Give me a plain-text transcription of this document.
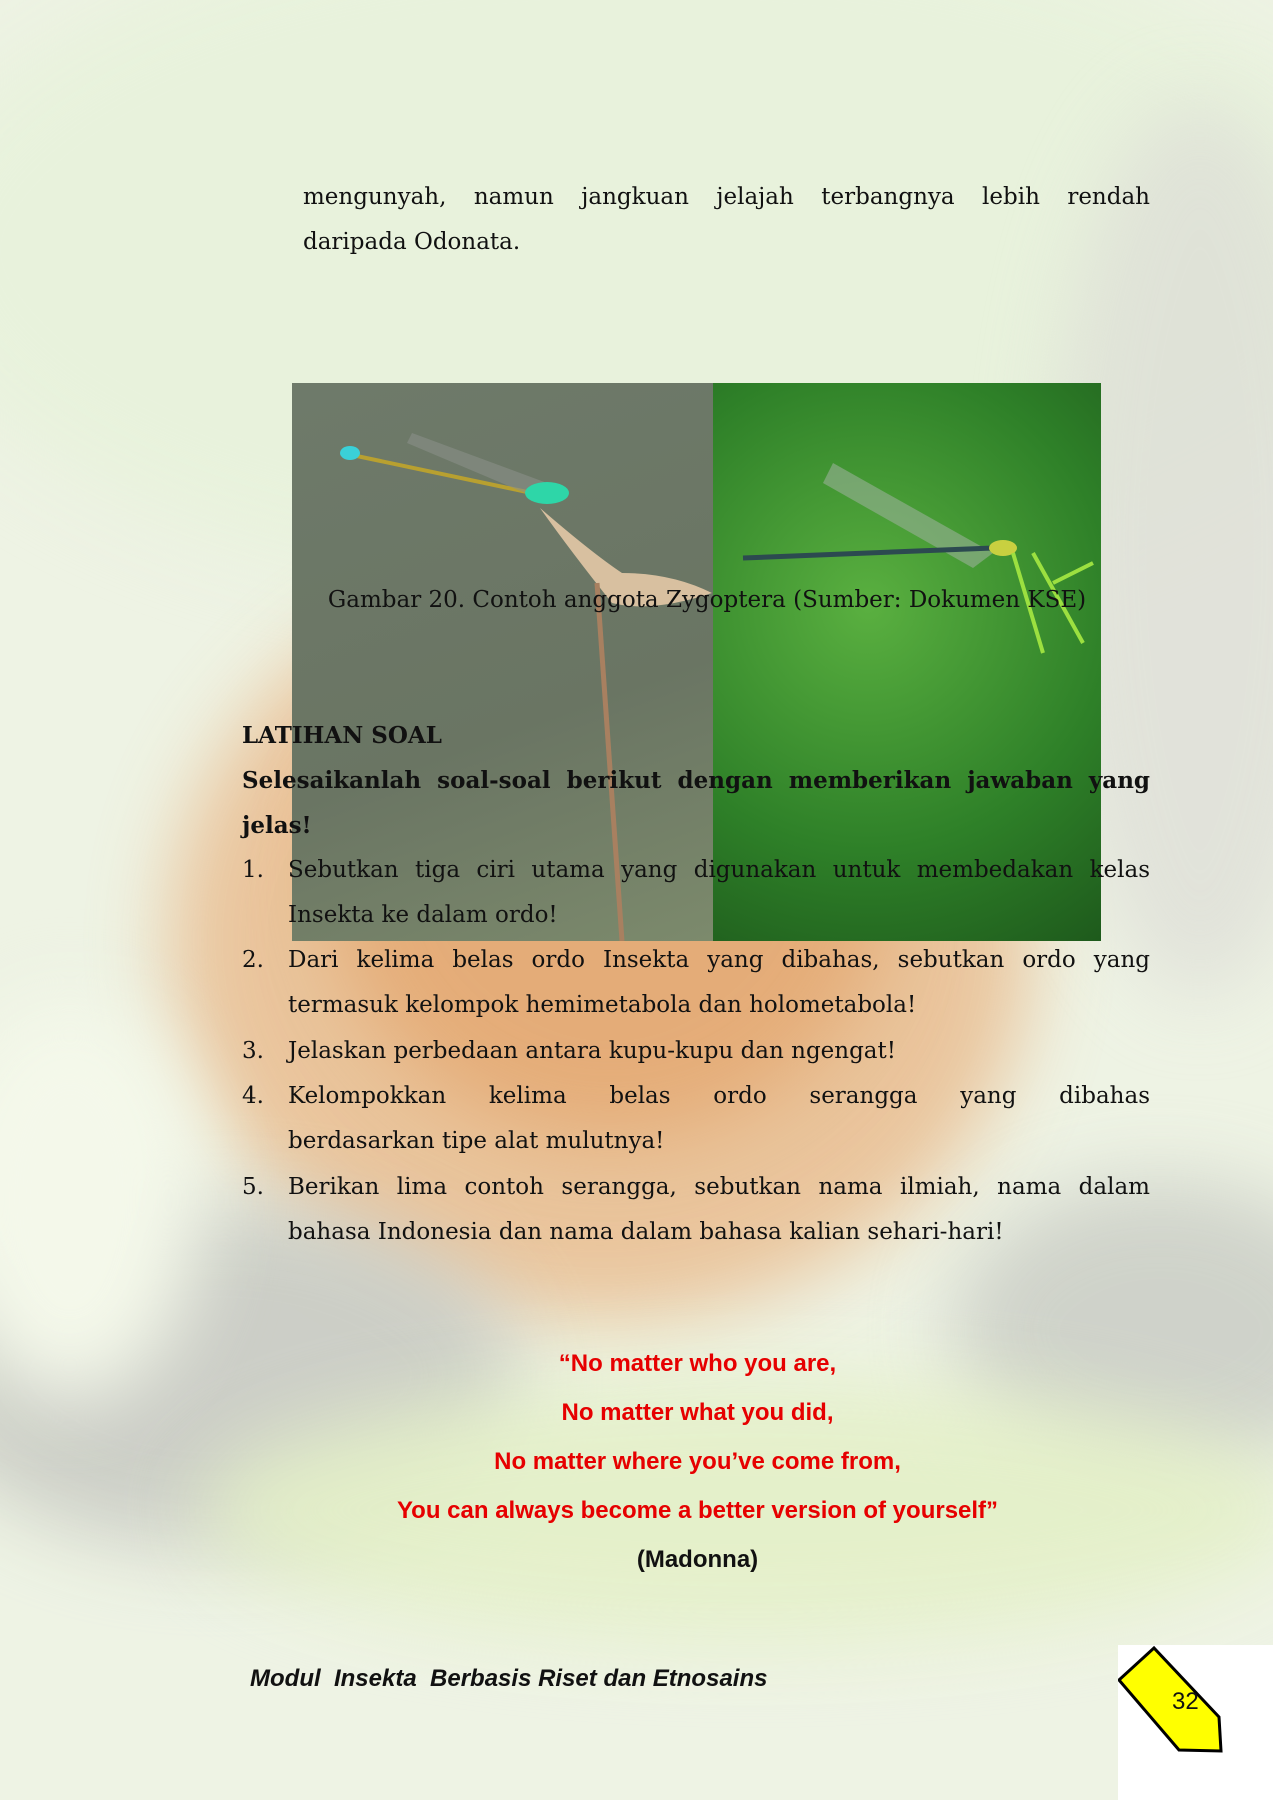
mengunyah, namun jangkuan jelajah terbangnya lebih rendah
daripada Odonata.
Gambar 20. Contoh anggota Zygoptera (Sumber: Dokumen KSE)
LATIHAN SOAL
Selesaikanlah soal-soal berikut dengan memberikan jawaban yang
jelas!
1. Sebutkan tiga ciri utama yang digunakan untuk membedakan kelas
Insekta ke dalam ordo!
2. Dari kelima belas ordo Insekta yang dibahas, sebutkan ordo yang
termasuk kelompok hemimetabola dan holometabola!
3. Jelaskan perbedaan antara kupu-kupu dan ngengat!
4. Kelompokkan kelima belas ordo serangga yang dibahas
berdasarkan tipe alat mulutnya!
5. Berikan lima contoh serangga, sebutkan nama ilmiah, nama dalam
bahasa Indonesia dan nama dalam bahasa kalian sehari-hari!
“No matter who you are,
No matter what you did,
No matter where you’ve come from,
You can always become a better version of yourself”
(Madonna)
Modul  Insekta  Berbasis Riset dan Etnosains
32
